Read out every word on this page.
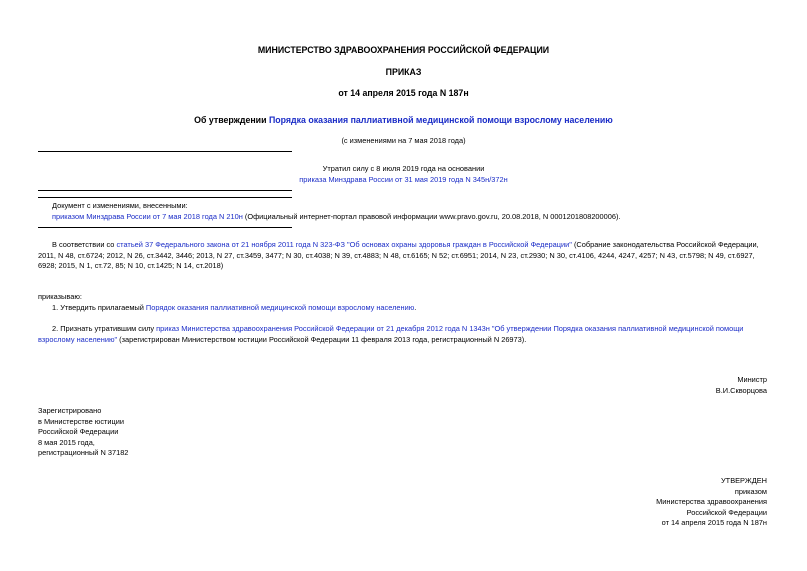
МИНИСТЕРСТВО ЗДРАВООХРАНЕНИЯ РОССИЙСКОЙ ФЕДЕРАЦИИ
ПРИКАЗ
от 14 апреля 2015 года N 187н
Об утверждении Порядка оказания паллиативной медицинской помощи взрослому населению
(с изменениями на 7 мая 2018 года)
Утратил силу с 8 июля 2019 года на основании
приказа Минздрава России от 31 мая 2019 года N 345н/372н
Документ с изменениями, внесенными:
приказом Минздрава России от 7 мая 2018 года N 210н (Официальный интернет-портал правовой информации www.pravo.gov.ru, 20.08.2018, N 0001201808200006).
В соответствии со статьей 37 Федерального закона от 21 ноября 2011 года N 323-ФЗ "Об основах охраны здоровья граждан в Российской Федерации" (Собрание законодательства Российской Федерации, 2011, N 48, ст.6724; 2012, N 26, ст.3442, 3446; 2013, N 27, ст.3459, 3477; N 30, ст.4038; N 39, ст.4883; N 48, ст.6165; N 52; ст.6951; 2014, N 23, ст.2930; N 30, ст.4106, 4244, 4247, 4257; N 43, ст.5798; N 49, ст.6927, 6928; 2015, N 1, ст.72, 85; N 10, ст.1425; N 14, ст.2018)
приказываю:
1. Утвердить прилагаемый Порядок оказания паллиативной медицинской помощи взрослому населению.
2. Признать утратившим силу приказ Министерства здравоохранения Российской Федерации от 21 декабря 2012 года N 1343н "Об утверждении Порядка оказания паллиативной медицинской помощи взрослому населению" (зарегистрирован Министерством юстиции Российской Федерации 11 февраля 2013 года, регистрационный N 26973).
Министр
В.И.Скворцова
Зарегистрировано
в Министерстве юстиции
Российской Федерации
8 мая 2015 года,
регистрационный N 37182
УТВЕРЖДЕН
приказом
Министерства здравоохранения
Российской Федерации
от 14 апреля 2015 года N 187н
